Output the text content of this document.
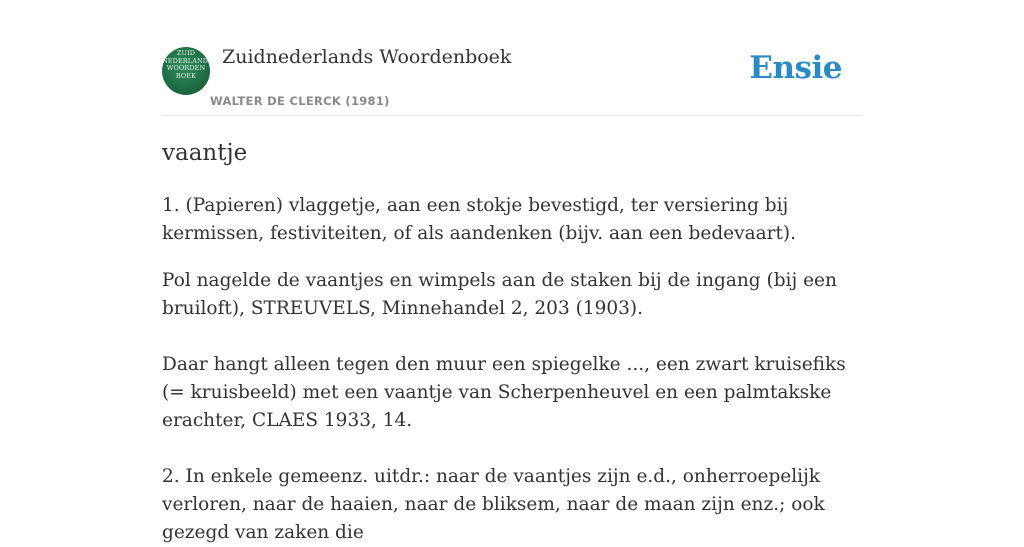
ZUID
NEDERLANDS
WOORDEN
BOEK
Zuidnederlands Woordenboek
WALTER DE CLERCK (1981)
Ensie
vaantje

1. (Papieren) vlaggetje, aan een stokje bevestigd, ter versiering bij kermissen, festiviteiten, of als aandenken (bijv. aan een bedevaart).

Pol nagelde de vaantjes en wimpels aan de staken bij de ingang (bij een bruiloft), STREUVELS, Minnehandel 2, 203 (1903).

Daar hangt alleen tegen den muur een spiegelke ..., een zwart kruisefiks (= kruisbeeld) met een vaantje van Scherpenheuvel en een palmtakske erachter, CLAES 1933, 14.

2. In enkele gemeenz. uitdr.: naar de vaantjes zijn e.d., onherroepelijk verloren, naar de haaien, naar de bliksem, naar de maan zijn enz.; ook gezegd van zaken die
